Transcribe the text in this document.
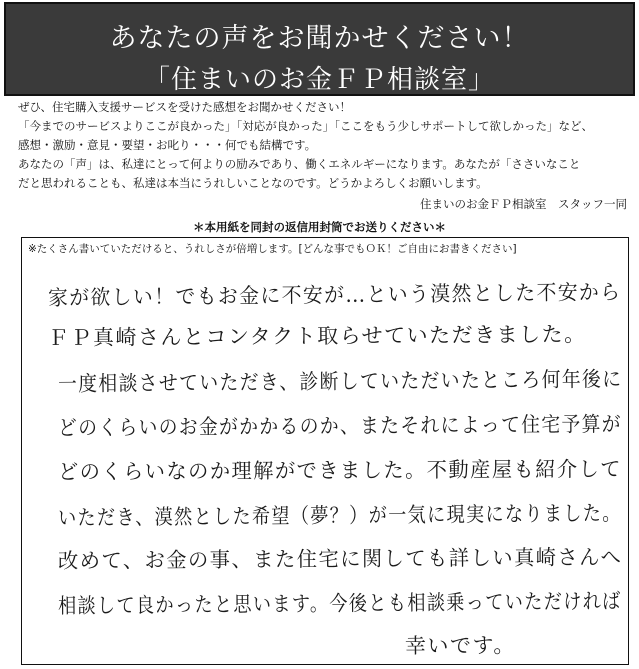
あなたの声をお聞かせください！
「住まいのお金ＦＰ相談室」

ぜひ、住宅購入支援サービスを受けた感想をお聞かせください！

「今までのサービスよりここが良かった」「対応が良かった」「ここをもう少しサポートして欲しかった」など、

感想・激励・意見・要望・お叱り・・・何でも結構です。

あなたの「声」は、私達にとって何よりの励みであり、働くエネルギーになります。あなたが「ささいなこと

だと思われることも、私達は本当にうれしいことなのです。どうかよろしくお願いします。

住まいのお金ＦＰ相談室　スタッフ一同
＊本用紙を同封の返信用封筒でお送りください＊
※たくさん書いていただけると、うれしさが倍増します。[どんな事でもＯＫ！ご自由にお書きください]
家が欲しい！でもお金に不安が…という漠然とした不安から
ＦＰ真崎さんとコンタクト取らせていただきました。
一度相談させていただき、診断していただいたところ何年後に
どのくらいのお金がかかるのか、またそれによって住宅予算が
どのくらいなのか理解ができました。不動産屋も紹介して
いただき、漠然とした希望（夢？）が一気に現実になりました。
改めて、お金の事、また住宅に関しても詳しい真崎さんへ
相談して良かったと思います。今後とも相談乗っていただければ
幸いです。
